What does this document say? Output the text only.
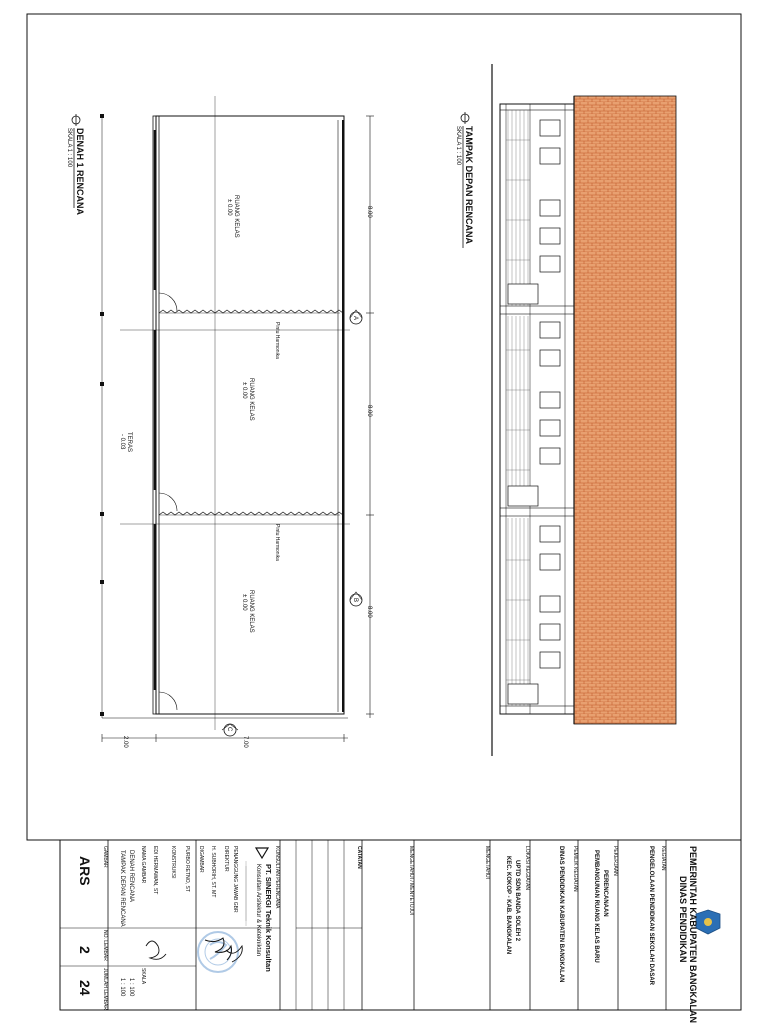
DENAH 1 RENCANA
SKALA 1 : 100
RUANG KELAS
± 0.00
RUANG KELAS
± 0.00
RUANG KELAS
± 0.00
TERAS
- 0.03
Pintu Harmonika
Pintu Harmonika
8.00
8.00
8.00
2.00	7.00
A
B
C
TAMPAK DEPAN RENCANA
SKALA 1 : 100
PEMERINTAH KABUPATEN BANGKALAN
DINAS PENDIDIKAN
KEGIATAN
PENGELOLAAN PENDIDIKAN SEKOLAH DASAR
PEKERJAAN
PERENCANAAN
PEMBANGUNAN RUANG KELAS BARU
PEMILIK KEGIATAN
DINAS PENDIDIKAN KABUPATEN BANGKALAN
LOKASI KEGIATAN
UPTD SDN BANDA SOLEH 2
KEC. KOKOP - KAB. BANGKALAN
MENGETAHUI
MENGETAHUI / MENYETUJUI
CATATAN
KONSULTAN PERENCANA
PT. SINERGI Teknik Konsultan
Konsultan Arsitektur & Ketekniktan
PENANGGUNG JAWAB GBR
DIREKTUR
H. SUBHORIH, ST. MT
DIGAMBAR
PURBO RETNO, ST
KONSTRUKSI
EDI HERMAWAN, ST
NAMA GAMBAR
DENAH RENCANA
TAMPAK DEPAN RENCANA
SKALA
1 : 100
1 : 100
GAMBAR
ARS
NO. LEMBAR
2
JUMLAH LEMBAR
24
